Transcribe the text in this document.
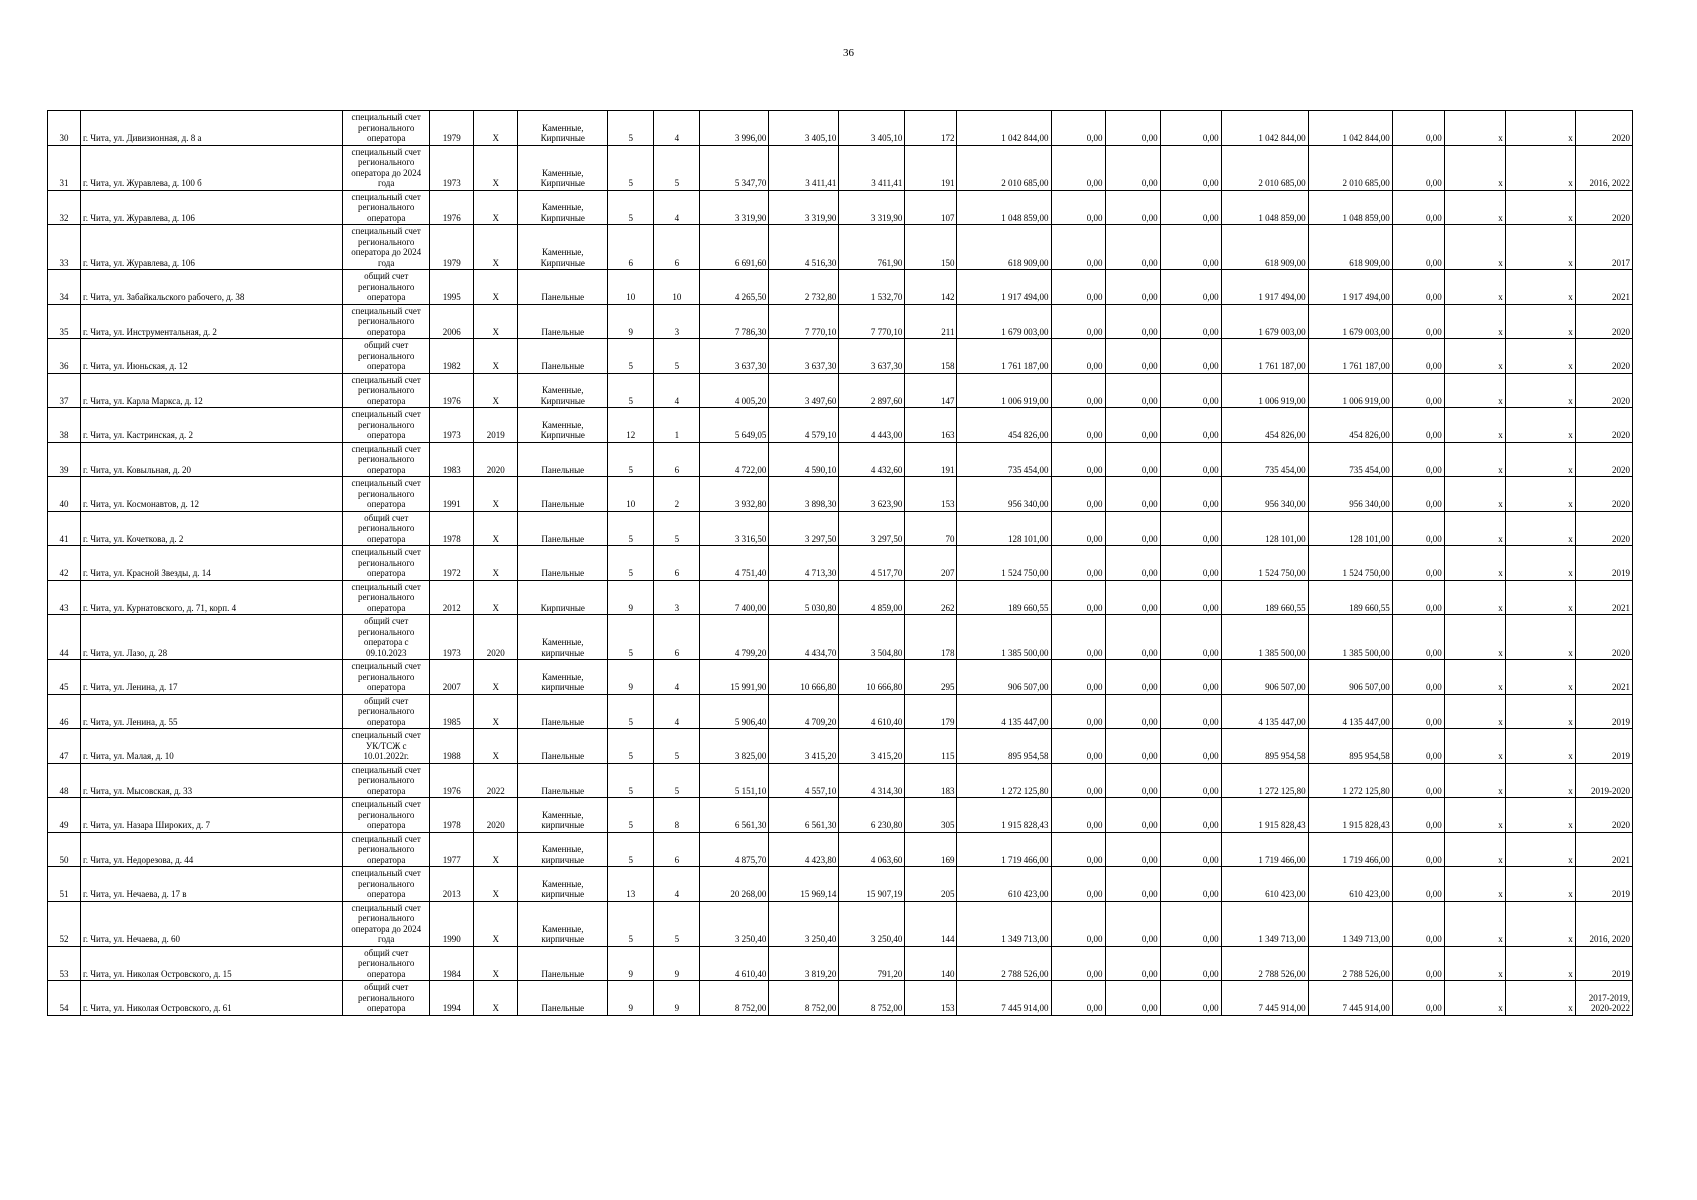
36
30	г. Чита, ул. Дивизионная, д. 8 а	специальный счет регионального оператора	1979	X	Каменные, Кирпичные	5	4	3 996,00	3 405,10	3 405,10	172	1 042 844,00	0,00	0,00	0,00	1 042 844,00	1 042 844,00	0,00	x	x	2020
31	г. Чита, ул. Журавлева, д. 100 б	специальный счет регионального оператора до 2024 года	1973	X	Каменные, Кирпичные	5	5	5 347,70	3 411,41	3 411,41	191	2 010 685,00	0,00	0,00	0,00	2 010 685,00	2 010 685,00	0,00	x	x	2016, 2022
32	г. Чита, ул. Журавлева, д. 106	специальный счет регионального оператора	1976	X	Каменные, Кирпичные	5	4	3 319,90	3 319,90	3 319,90	107	1 048 859,00	0,00	0,00	0,00	1 048 859,00	1 048 859,00	0,00	x	x	2020
33	г. Чита, ул. Журавлева, д. 106	специальный счет регионального оператора до 2024 года	1979	X	Каменные, Кирпичные	6	6	6 691,60	4 516,30	761,90	150	618 909,00	0,00	0,00	0,00	618 909,00	618 909,00	0,00	x	x	2017
34	г. Чита, ул. Забайкальского рабочего, д. 38	общий счет регионального оператора	1995	X	Панельные	10	10	4 265,50	2 732,80	1 532,70	142	1 917 494,00	0,00	0,00	0,00	1 917 494,00	1 917 494,00	0,00	x	x	2021
35	г. Чита, ул. Инструментальная, д. 2	специальный счет регионального оператора	2006	X	Панельные	9	3	7 786,30	7 770,10	7 770,10	211	1 679 003,00	0,00	0,00	0,00	1 679 003,00	1 679 003,00	0,00	x	x	2020
36	г. Чита, ул. Июньская, д. 12	общий счет регионального оператора	1982	X	Панельные	5	5	3 637,30	3 637,30	3 637,30	158	1 761 187,00	0,00	0,00	0,00	1 761 187,00	1 761 187,00	0,00	x	x	2020
37	г. Чита, ул. Карла Маркса, д. 12	специальный счет регионального оператора	1976	X	Каменные, Кирпичные	5	4	4 005,20	3 497,60	2 897,60	147	1 006 919,00	0,00	0,00	0,00	1 006 919,00	1 006 919,00	0,00	x	x	2020
38	г. Чита, ул. Кастринская, д. 2	специальный счет регионального оператора	1973	2019	Каменные, Кирпичные	12	1	5 649,05	4 579,10	4 443,00	163	454 826,00	0,00	0,00	0,00	454 826,00	454 826,00	0,00	x	x	2020
39	г. Чита, ул. Ковыльная, д. 20	специальный счет регионального оператора	1983	2020	Панельные	5	6	4 722,00	4 590,10	4 432,60	191	735 454,00	0,00	0,00	0,00	735 454,00	735 454,00	0,00	x	x	2020
40	г. Чита, ул. Космонавтов, д. 12	специальный счет регионального оператора	1991	X	Панельные	10	2	3 932,80	3 898,30	3 623,90	153	956 340,00	0,00	0,00	0,00	956 340,00	956 340,00	0,00	x	x	2020
41	г. Чита, ул. Кочеткова, д. 2	общий счет регионального оператора	1978	X	Панельные	5	5	3 316,50	3 297,50	3 297,50	70	128 101,00	0,00	0,00	0,00	128 101,00	128 101,00	0,00	x	x	2020
42	г. Чита, ул. Красной Звезды, д. 14	специальный счет регионального оператора	1972	X	Панельные	5	6	4 751,40	4 713,30	4 517,70	207	1 524 750,00	0,00	0,00	0,00	1 524 750,00	1 524 750,00	0,00	x	x	2019
43	г. Чита, ул. Курнатовского, д. 71, корп. 4	специальный счет регионального оператора	2012	X	Кирпичные	9	3	7 400,00	5 030,80	4 859,00	262	189 660,55	0,00	0,00	0,00	189 660,55	189 660,55	0,00	x	x	2021
44	г. Чита, ул. Лазо, д. 28	общий счет регионального оператора с 09.10.2023	1973	2020	Каменные, кирпичные	5	6	4 799,20	4 434,70	3 504,80	178	1 385 500,00	0,00	0,00	0,00	1 385 500,00	1 385 500,00	0,00	x	x	2020
45	г. Чита, ул. Ленина, д. 17	специальный счет регионального оператора	2007	X	Каменные, кирпичные	9	4	15 991,90	10 666,80	10 666,80	295	906 507,00	0,00	0,00	0,00	906 507,00	906 507,00	0,00	x	x	2021
46	г. Чита, ул. Ленина, д. 55	общий счет регионального оператора	1985	X	Панельные	5	4	5 906,40	4 709,20	4 610,40	179	4 135 447,00	0,00	0,00	0,00	4 135 447,00	4 135 447,00	0,00	x	x	2019
47	г. Чита, ул. Малая, д. 10	специальный счет УК/ТСЖ с 10.01.2022г.	1988	X	Панельные	5	5	3 825,00	3 415,20	3 415,20	115	895 954,58	0,00	0,00	0,00	895 954,58	895 954,58	0,00	x	x	2019
48	г. Чита, ул. Мысовская, д. 33	специальный счет регионального оператора	1976	2022	Панельные	5	5	5 151,10	4 557,10	4 314,30	183	1 272 125,80	0,00	0,00	0,00	1 272 125,80	1 272 125,80	0,00	x	x	2019-2020
49	г. Чита, ул. Назара Широких, д. 7	специальный счет регионального оператора	1978	2020	Каменные, кирпичные	5	8	6 561,30	6 561,30	6 230,80	305	1 915 828,43	0,00	0,00	0,00	1 915 828,43	1 915 828,43	0,00	x	x	2020
50	г. Чита, ул. Недорезова, д. 44	специальный счет регионального оператора	1977	X	Каменные, кирпичные	5	6	4 875,70	4 423,80	4 063,60	169	1 719 466,00	0,00	0,00	0,00	1 719 466,00	1 719 466,00	0,00	x	x	2021
51	г. Чита, ул. Нечаева, д. 17 в	специальный счет регионального оператора	2013	X	Каменные, кирпичные	13	4	20 268,00	15 969,14	15 907,19	205	610 423,00	0,00	0,00	0,00	610 423,00	610 423,00	0,00	x	x	2019
52	г. Чита, ул. Нечаева, д. 60	специальный счет регионального оператора до 2024 года	1990	X	Каменные, кирпичные	5	5	3 250,40	3 250,40	3 250,40	144	1 349 713,00	0,00	0,00	0,00	1 349 713,00	1 349 713,00	0,00	x	x	2016, 2020
53	г. Чита, ул. Николая Островского, д. 15	общий счет регионального оператора	1984	X	Панельные	9	9	4 610,40	3 819,20	791,20	140	2 788 526,00	0,00	0,00	0,00	2 788 526,00	2 788 526,00	0,00	x	x	2019
54	г. Чита, ул. Николая Островского, д. 61	общий счет регионального оператора	1994	X	Панельные	9	9	8 752,00	8 752,00	8 752,00	153	7 445 914,00	0,00	0,00	0,00	7 445 914,00	7 445 914,00	0,00	x	x	2017-2019, 2020-2022
